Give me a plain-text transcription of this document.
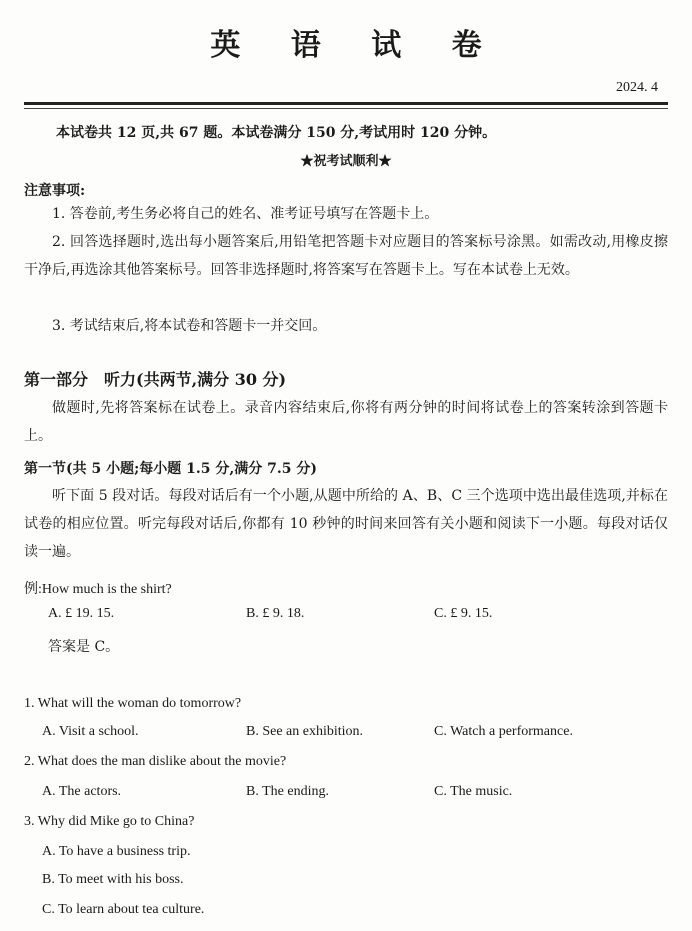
英 语 试 卷
2024. 4
本试卷共 12 页,共 67 题。本试卷满分 150 分,考试用时 120 分钟。
★祝考试顺利★
注意事项:
1. 答卷前,考生务必将自己的姓名、准考证号填写在答题卡上。
2. 回答选择题时,选出每小题答案后,用铅笔把答题卡对应题目的答案标号涂黑。如需改动,用橡皮擦干净后,再选涂其他答案标号。回答非选择题时,将答案写在答题卡上。写在本试卷上无效。
3. 考试结束后,将本试卷和答题卡一并交回。
第一部分　听力(共两节,满分 30 分)
做题时,先将答案标在试卷上。录音内容结束后,你将有两分钟的时间将试卷上的答案转涂到答题卡上。
第一节(共 5 小题;每小题 1.5 分,满分 7.5 分)
听下面 5 段对话。每段对话后有一个小题,从题中所给的 A、B、C 三个选项中选出最佳选项,并标在试卷的相应位置。听完每段对话后,你都有 10 秒钟的时间来回答有关小题和阅读下一小题。每段对话仅读一遍。
例:How much is the shirt?
A. £ 19. 15.	B. £ 9. 18.	C. £ 9. 15.
答案是 C。
1. What will the woman do tomorrow?
A. Visit a school.	B. See an exhibition.	C. Watch a performance.
2. What does the man dislike about the movie?
A. The actors.	B. The ending.	C. The music.
3. Why did Mike go to China?
A. To have a business trip.
B. To meet with his boss.
C. To learn about tea culture.
